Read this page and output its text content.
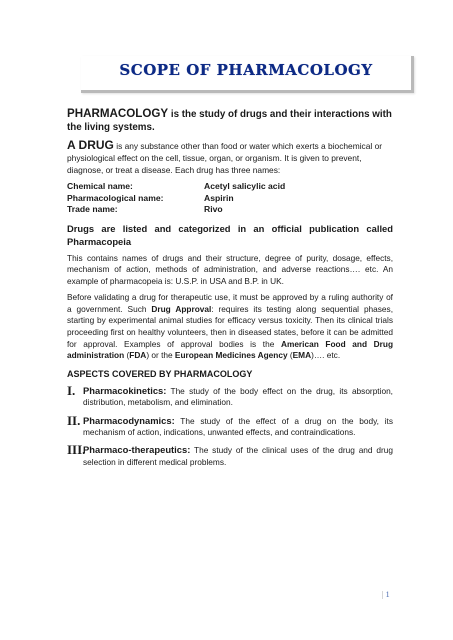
SCOPE OF PHARMACOLOGY

PHARMACOLOGY is the study of drugs and their interactions with the living systems.

A DRUG is any substance other than food or water which exerts a biochemical or physiological effect on the cell, tissue, organ, or organism. It is given to prevent, diagnose, or treat a disease. Each drug has three names:

Chemical name:	Acetyl salicylic acid
Pharmacological name:	Aspirin
Trade name:	Rivo

Drugs are listed and categorized in an official publication called Pharmacopeia

This contains names of drugs and their structure, degree of purity, dosage, effects, mechanism of action, methods of administration, and adverse reactions…. etc. An example of pharmacopeia is: U.S.P. in USA and B.P. in UK.

Before validating a drug for therapeutic use, it must be approved by a ruling authority of a government. Such Drug Approval: requires its testing along sequential phases, starting by experimental animal studies for efficacy versus toxicity. Then its clinical trials proceeding first on healthy volunteers, then in diseased states, before it can be admitted for approval. Examples of approval bodies is the American Food and Drug administration (FDA) or the European Medicines Agency (EMA)…. etc.

ASPECTS COVERED BY PHARMACOLOGY

I. Pharmacokinetics: The study of the body effect on the drug, its absorption, distribution, metabolism, and elimination.
II. Pharmacodynamics: The study of the effect of a drug on the body, its mechanism of action, indications, unwanted effects, and contraindications.
III.
Pharmaco-therapeutics: The study of the clinical uses of the drug and drug selection in different medical problems.
| 1
